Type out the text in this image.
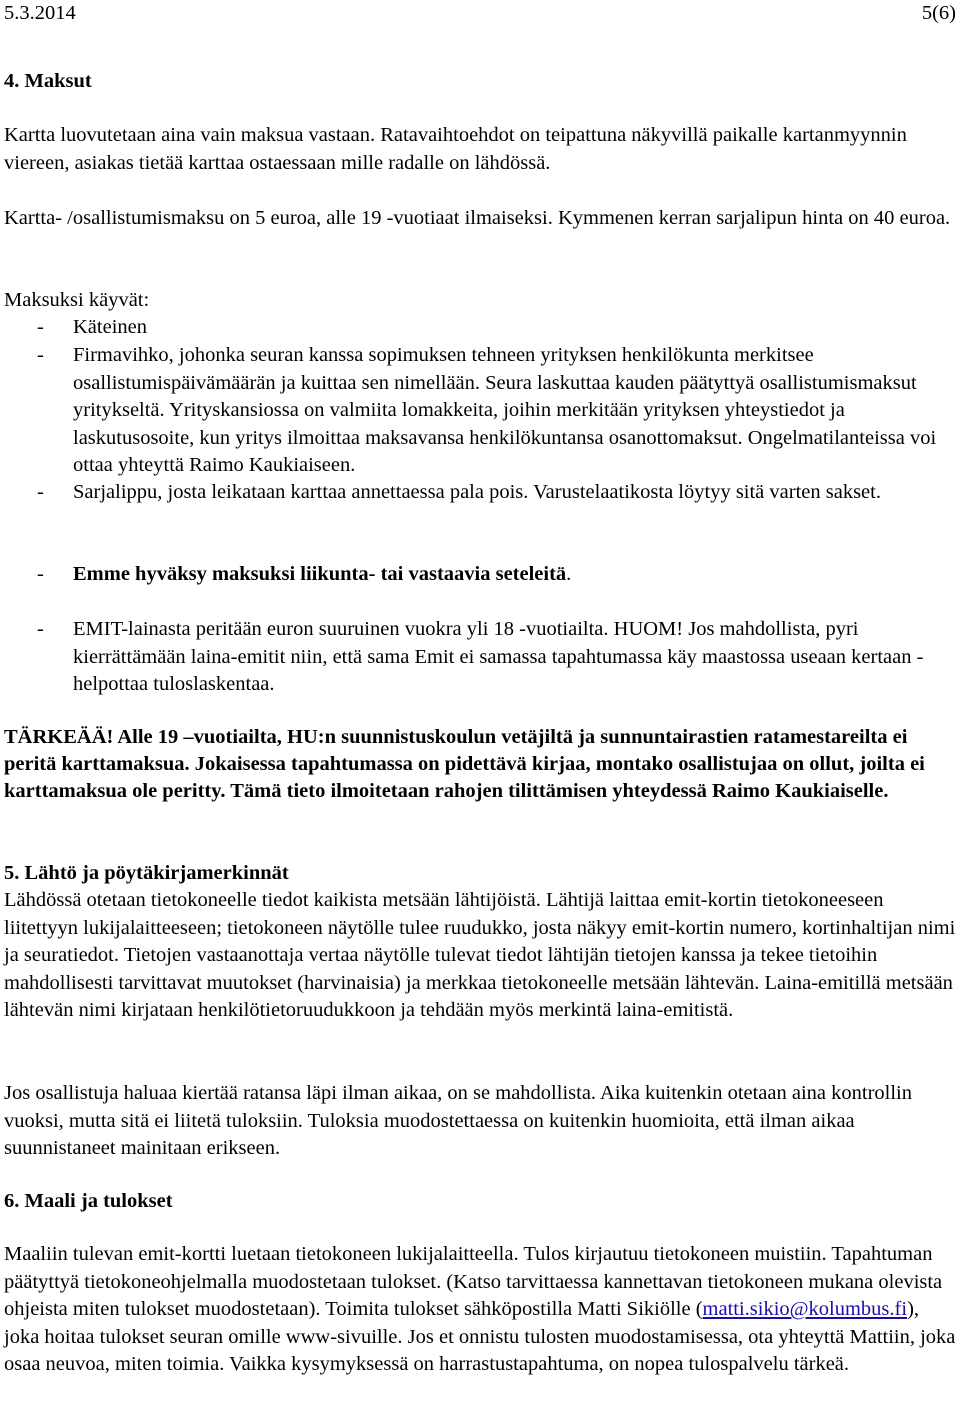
5.3.2014	5(6)
4. Maksut
Kartta luovutetaan aina vain maksua vastaan. Ratavaihtoehdot on teipattuna näkyvillä paikalle kartanmyynnin viereen, asiakas tietää karttaa ostaessaan mille radalle on lähdössä.
Kartta- /osallistumismaksu on 5 euroa, alle 19 -vuotiaat ilmaiseksi. Kymmenen kerran sarjalipun hinta on 40 euroa.
Maksuksi käyvät:
- Käteinen
- Firmavihko, johonka seuran kanssa sopimuksen tehneen yrityksen henkilökunta merkitsee osallistumispäivämäärän ja kuittaa sen nimellään. Seura laskuttaa kauden päätyttyä osallistumismaksut yritykseltä. Yrityskansiossa on valmiita lomakkeita, joihin merkitään yrityksen yhteystiedot ja laskutusosoite, kun yritys ilmoittaa maksavansa henkilökuntansa osanottomaksut. Ongelmatilanteissa voi ottaa yhteyttä Raimo Kaukiaiseen.
- Sarjalippu, josta leikataan karttaa annettaessa pala pois. Varustelaatikosta löytyy sitä varten sakset.
- Emme hyväksy maksuksi liikunta- tai vastaavia seteleitä.
- EMIT-lainasta peritään euron suuruinen vuokra yli 18 -vuotiailta. HUOM! Jos mahdollista, pyri kierrättämään laina-emitit niin, että sama Emit ei samassa tapahtumassa käy maastossa useaan kertaan - helpottaa tuloslaskentaa.
TÄRKEÄÄ! Alle 19 –vuotiailta, HU:n suunnistuskoulun vetäjiltä ja sunnuntairastien ratamestareilta ei peritä karttamaksua. Jokaisessa tapahtumassa on pidettävä kirjaa, montako osallistujaa on ollut, joilta ei karttamaksua ole peritty. Tämä tieto ilmoitetaan rahojen tilittämisen yhteydessä Raimo Kaukiaiselle.
5. Lähtö ja pöytäkirjamerkinnät
Lähdössä otetaan tietokoneelle tiedot kaikista metsään lähtijöistä. Lähtijä laittaa emit-kortin tietokoneeseen liitettyyn lukijalaitteeseen; tietokoneen näytölle tulee ruudukko, josta näkyy emit-kortin numero, kortinhaltijan nimi ja seuratiedot. Tietojen vastaanottaja vertaa näytölle tulevat tiedot lähtijän tietojen kanssa ja tekee tietoihin mahdollisesti tarvittavat muutokset (harvinaisia) ja merkkaa tietokoneelle metsään lähtevän. Laina-emitillä metsään lähtevän nimi kirjataan henkilötietoruudukkoon ja tehdään myös merkintä laina-emitistä.
Jos osallistuja haluaa kiertää ratansa läpi ilman aikaa, on se mahdollista. Aika kuitenkin otetaan aina kontrollin vuoksi, mutta sitä ei liitetä tuloksiin. Tuloksia muodostettaessa on kuitenkin huomioita, että ilman aikaa suunnistaneet mainitaan erikseen.
6. Maali ja tulokset
Maaliin tulevan emit-kortti luetaan tietokoneen lukijalaitteella. Tulos kirjautuu tietokoneen muistiin. Tapahtuman päätyttyä tietokoneohjelmalla muodostetaan tulokset. (Katso tarvittaessa kannettavan tietokoneen mukana olevista ohjeista miten tulokset muodostetaan). Toimita tulokset sähköpostilla Matti Sikiölle (matti.sikio@kolumbus.fi), joka hoitaa tulokset seuran omille www-sivuille. Jos et onnistu tulosten muodostamisessa, ota yhteyttä Mattiin, joka osaa neuvoa, miten toimia. Vaikka kysymyksessä on harrastustapahtuma, on nopea tulospalvelu tärkeä.
